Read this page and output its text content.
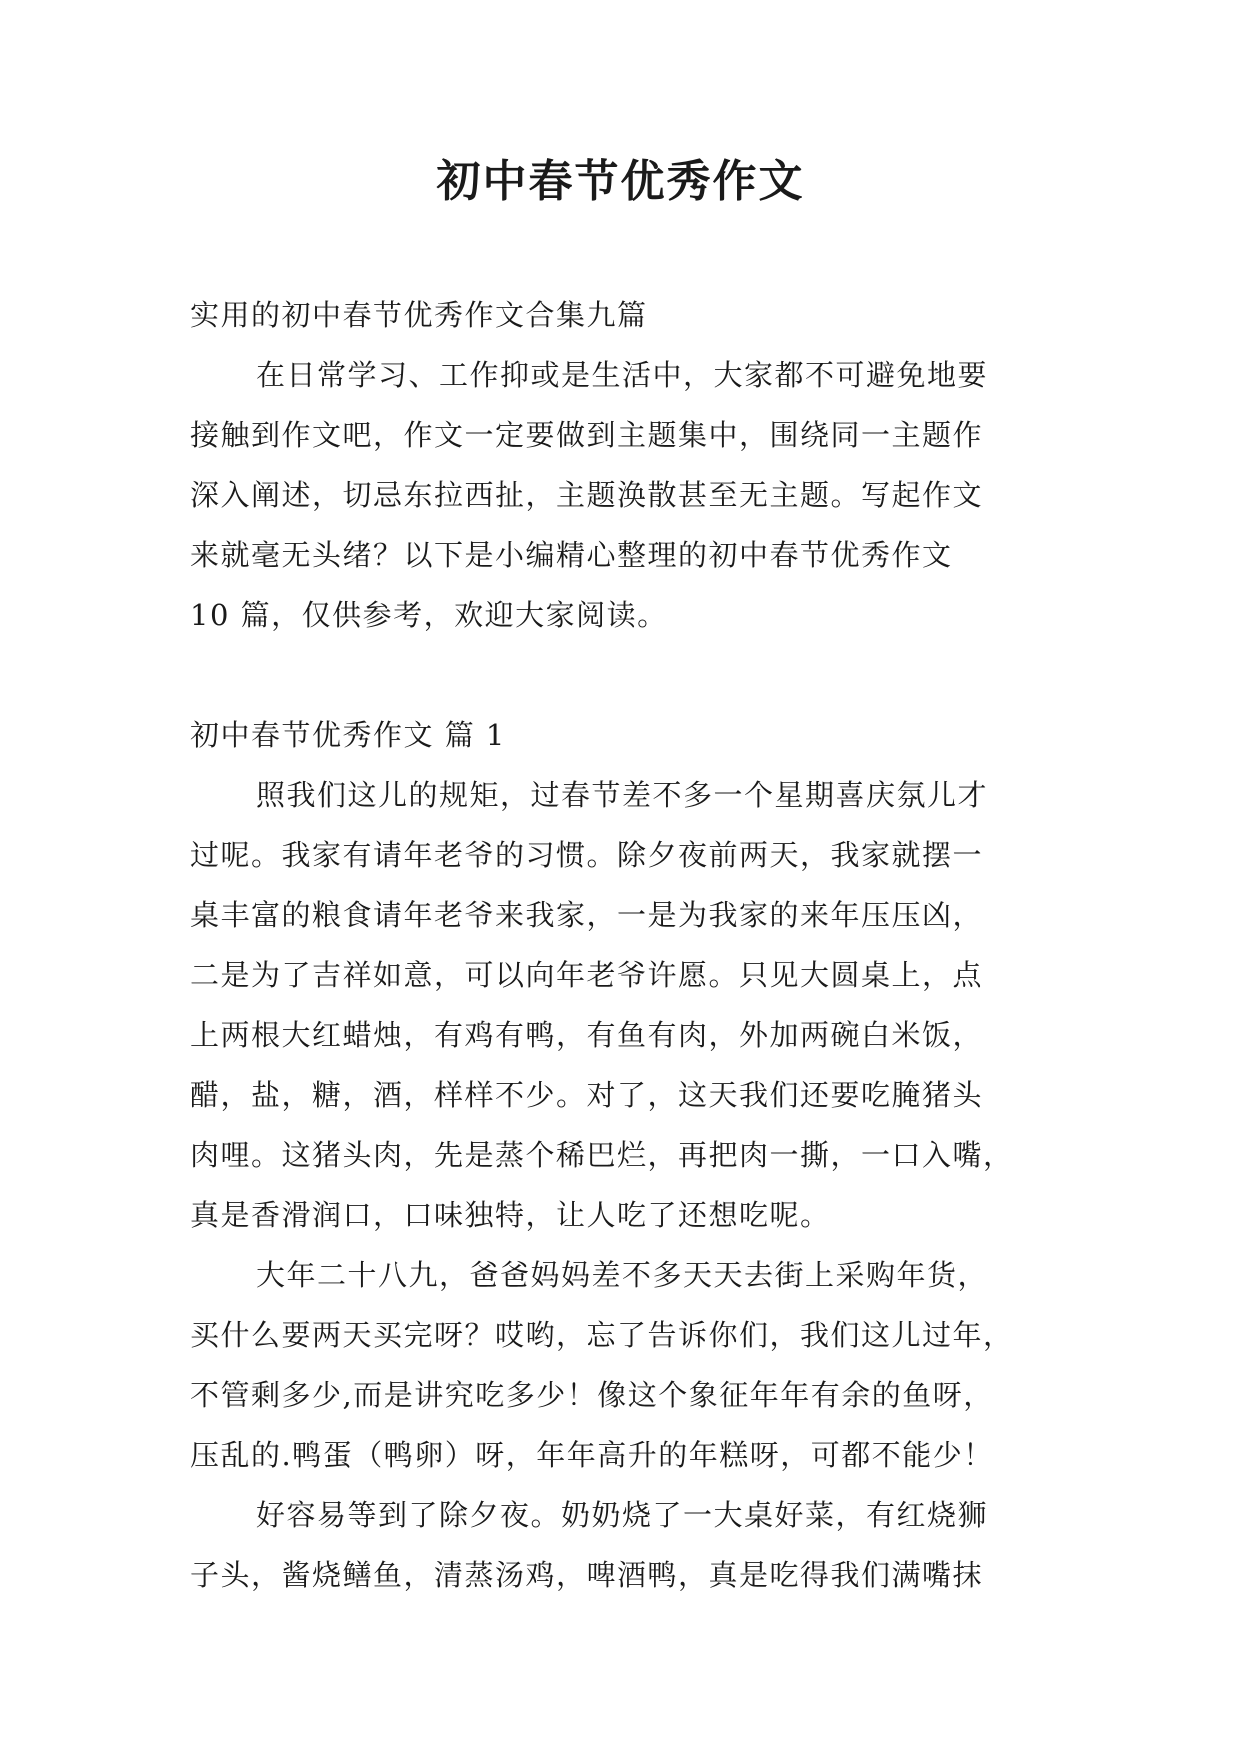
初中春节优秀作文
实用的初中春节优秀作文合集九篇
在日常学习、工作抑或是生活中，大家都不可避免地要
接触到作文吧，作文一定要做到主题集中，围绕同一主题作
深入阐述，切忌东拉西扯，主题涣散甚至无主题。写起作文
来就毫无头绪？以下是小编精心整理的初中春节优秀作文
10 篇，仅供参考，欢迎大家阅读。
初中春节优秀作文 篇 1
照我们这儿的规矩，过春节差不多一个星期喜庆氛儿才
过呢。我家有请年老爷的习惯。除夕夜前两天，我家就摆一
桌丰富的粮食请年老爷来我家，一是为我家的来年压压凶，
二是为了吉祥如意，可以向年老爷许愿。只见大圆桌上，点
上两根大红蜡烛，有鸡有鸭，有鱼有肉，外加两碗白米饭，
醋，盐，糖，酒，样样不少。对了，这天我们还要吃腌猪头
肉哩。这猪头肉，先是蒸个稀巴烂，再把肉一撕，一口入嘴，
真是香滑润口，口味独特，让人吃了还想吃呢。
大年二十八九，爸爸妈妈差不多天天去街上采购年货，
买什么要两天买完呀？哎哟，忘了告诉你们，我们这儿过年，
不管剩多少,而是讲究吃多少！像这个象征年年有余的鱼呀，
压乱的.鸭蛋（鸭卵）呀，年年高升的年糕呀，可都不能少！
好容易等到了除夕夜。奶奶烧了一大桌好菜，有红烧狮
子头，酱烧鳝鱼，清蒸汤鸡，啤酒鸭，真是吃得我们满嘴抹
